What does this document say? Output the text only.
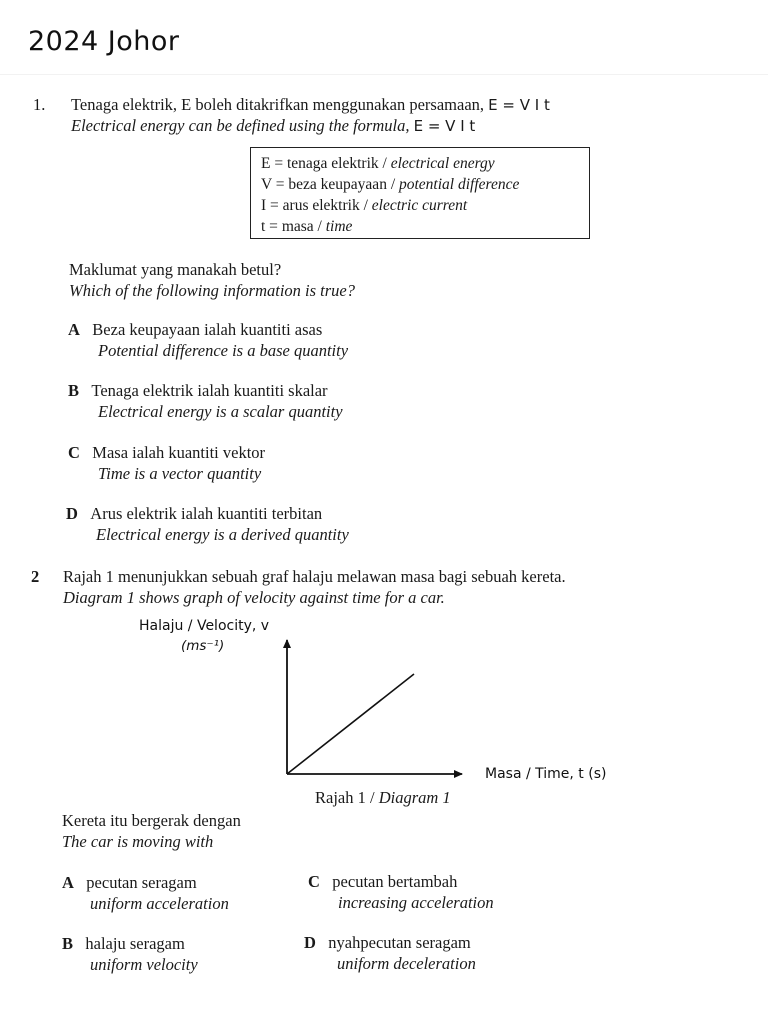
2024 Johor
1. Tenaga elektrik, E boleh ditakrifkan menggunakan persamaan, E = V I t
Electrical energy can be defined using the formula, E = V I t
E = tenaga elektrik / electrical energy
V = beza keupayaan / potential difference
I = arus elektrik / electric current
t = masa / time
Maklumat yang manakah betul?
Which of the following information is true?
A Beza keupayaan ialah kuantiti asas
Potential difference is a base quantity
B Tenaga elektrik ialah kuantiti skalar
Electrical energy is a scalar quantity
C Masa ialah kuantiti vektor
Time is a vector quantity
D Arus elektrik ialah kuantiti terbitan
Electrical energy is a derived quantity
2 Rajah 1 menunjukkan sebuah graf halaju melawan masa bagi sebuah kereta.
Diagram 1 shows graph of velocity against time for a car.
Halaju / Velocity, v
(ms⁻¹)
Masa / Time, t (s)
Rajah 1 / Diagram 1
Kereta itu bergerak dengan
The car is moving with
A pecutan seragam
uniform acceleration
B halaju seragam
uniform velocity
C pecutan bertambah
increasing acceleration
D nyahpecutan seragam
uniform deceleration
